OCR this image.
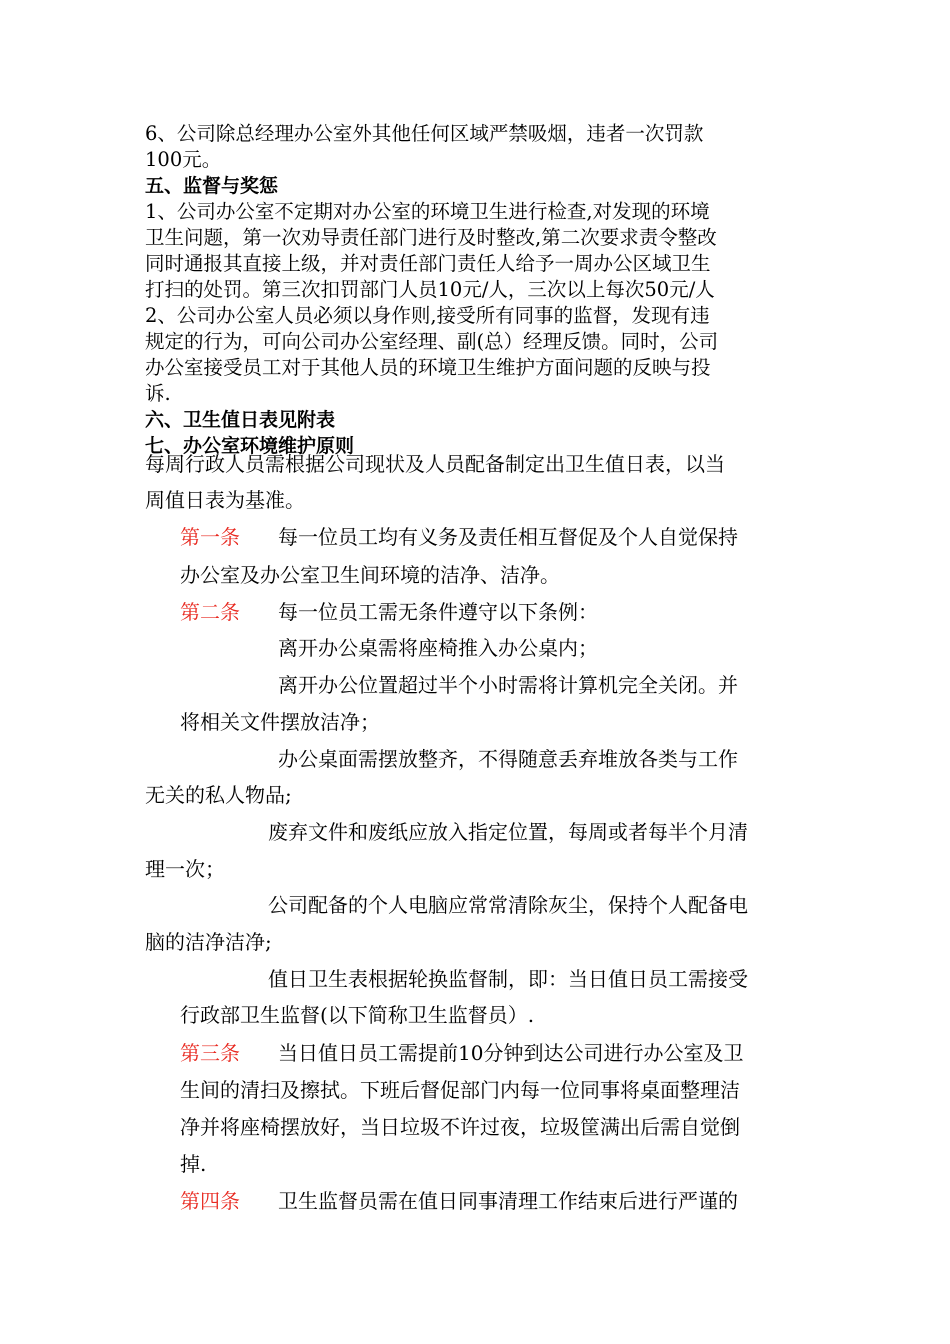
6、公司除总经理办公室外其他任何区域严禁吸烟，违者一次罚款

100元。

五、监督与奖惩

1、公司办公室不定期对办公室的环境卫生进行检查,对发现的环境

卫生问题，第一次劝导责任部门进行及时整改,第二次要求责令整改

同时通报其直接上级，并对责任部门责任人给予一周办公区域卫生

打扫的处罚。第三次扣罚部门人员10元/人，三次以上每次50元/人

2、公司办公室人员必须以身作则,接受所有同事的监督，发现有违

规定的行为，可向公司办公室经理、副(总）经理反馈。同时，公司

办公室接受员工对于其他人员的环境卫生维护方面问题的反映与投

诉.

六、卫生值日表见附表

七、办公室环境维护原则

每周行政人员需根据公司现状及人员配备制定出卫生值日表，以当
周值日表为基准。
第一条 每一位员工均有义务及责任相互督促及个人自觉保持
办公室及办公室卫生间环境的洁净、洁净。
第二条 每一位员工需无条件遵守以下条例：
离开办公桌需将座椅推入办公桌内；
离开办公位置超过半个小时需将计算机完全关闭。并
将相关文件摆放洁净；
办公桌面需摆放整齐，不得随意丢弃堆放各类与工作
无关的私人物品;
废弃文件和废纸应放入指定位置，每周或者每半个月清
理一次；
公司配备的个人电脑应常常清除灰尘，保持个人配备电
脑的洁净洁净;
值日卫生表根据轮换监督制，即：当日值日员工需接受
行政部卫生监督(以下简称卫生监督员）.
第三条 当日值日员工需提前10分钟到达公司进行办公室及卫
生间的清扫及擦拭。下班后督促部门内每一位同事将桌面整理洁
净并将座椅摆放好，当日垃圾不许过夜，垃圾筐满出后需自觉倒
掉.
第四条 卫生监督员需在值日同事清理工作结束后进行严谨的
